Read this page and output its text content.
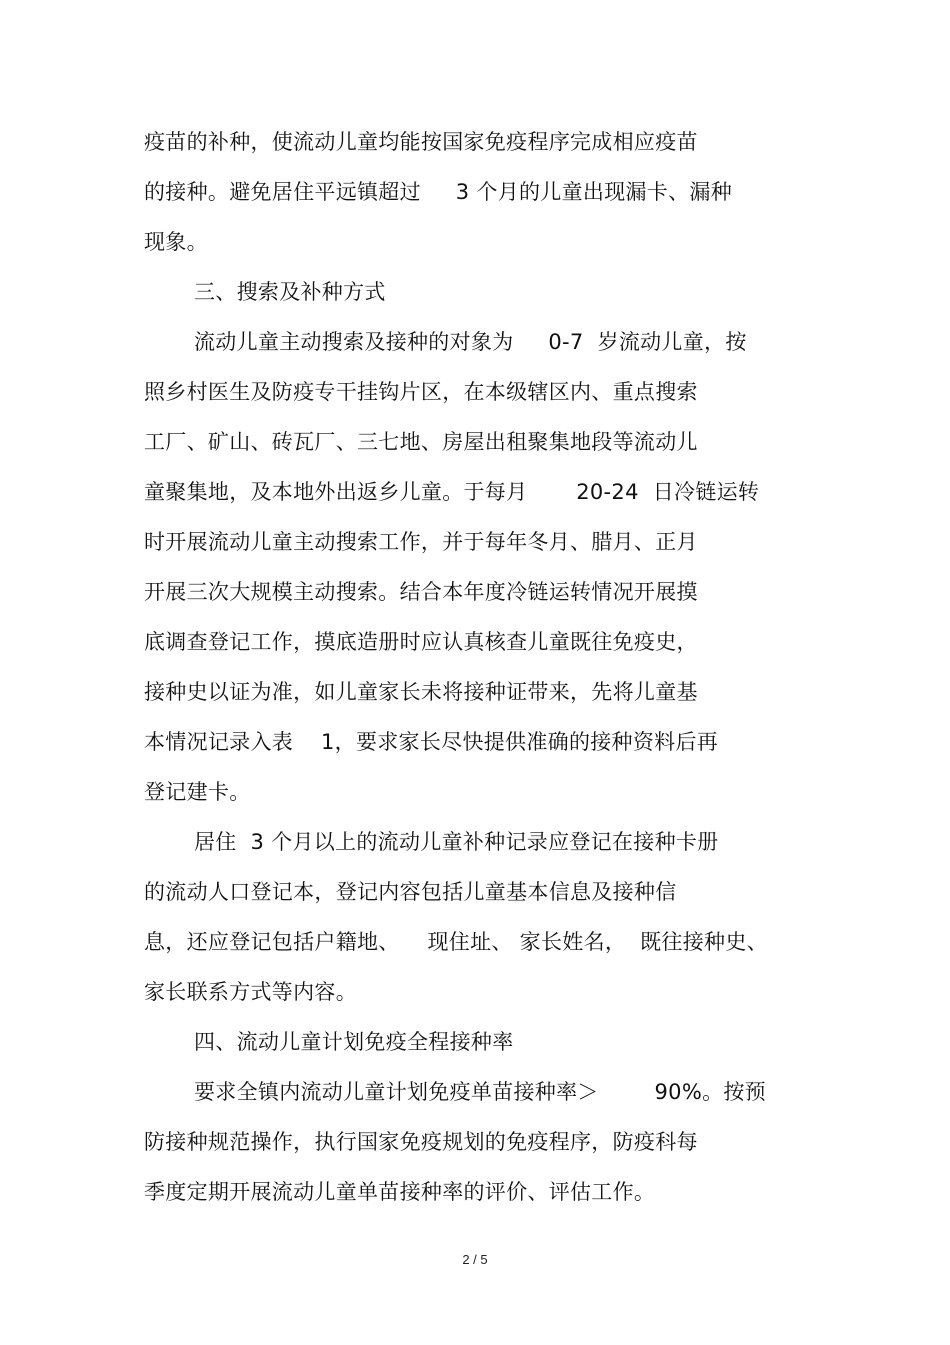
疫苗的补种，使流动儿童均能按国家免疫程序完成相应疫苗
的接种。避免居住平远镇超过     3 个月的儿童出现漏卡、漏种
现象。
三、搜索及补种方式
流动儿童主动搜索及接种的对象为     0-7  岁流动儿童，按
照乡村医生及防疫专干挂钩片区，在本级辖区内、重点搜索
工厂、矿山、砖瓦厂、三七地、房屋出租聚集地段等流动儿
童聚集地，及本地外出返乡儿童。于每月       20-24  日冷链运转
时开展流动儿童主动搜索工作，并于每年冬月、腊月、正月
开展三次大规模主动搜索。结合本年度冷链运转情况开展摸
底调查登记工作，摸底造册时应认真核查儿童既往免疫史，
接种史以证为准，如儿童家长未将接种证带来，先将儿童基
本情况记录入表    1，要求家长尽快提供准确的接种资料后再
登记建卡。
居住  3 个月以上的流动儿童补种记录应登记在接种卡册
的流动人口登记本，登记内容包括儿童基本信息及接种信
息，还应登记包括户籍地、    现住址、 家长姓名，  既往接种史、
家长联系方式等内容。
四、流动儿童计划免疫全程接种率
要求全镇内流动儿童计划免疫单苗接种率＞        90%。按预
防接种规范操作，执行国家免疫规划的免疫程序，防疫科每
季度定期开展流动儿童单苗接种率的评价、评估工作。
2 / 5
